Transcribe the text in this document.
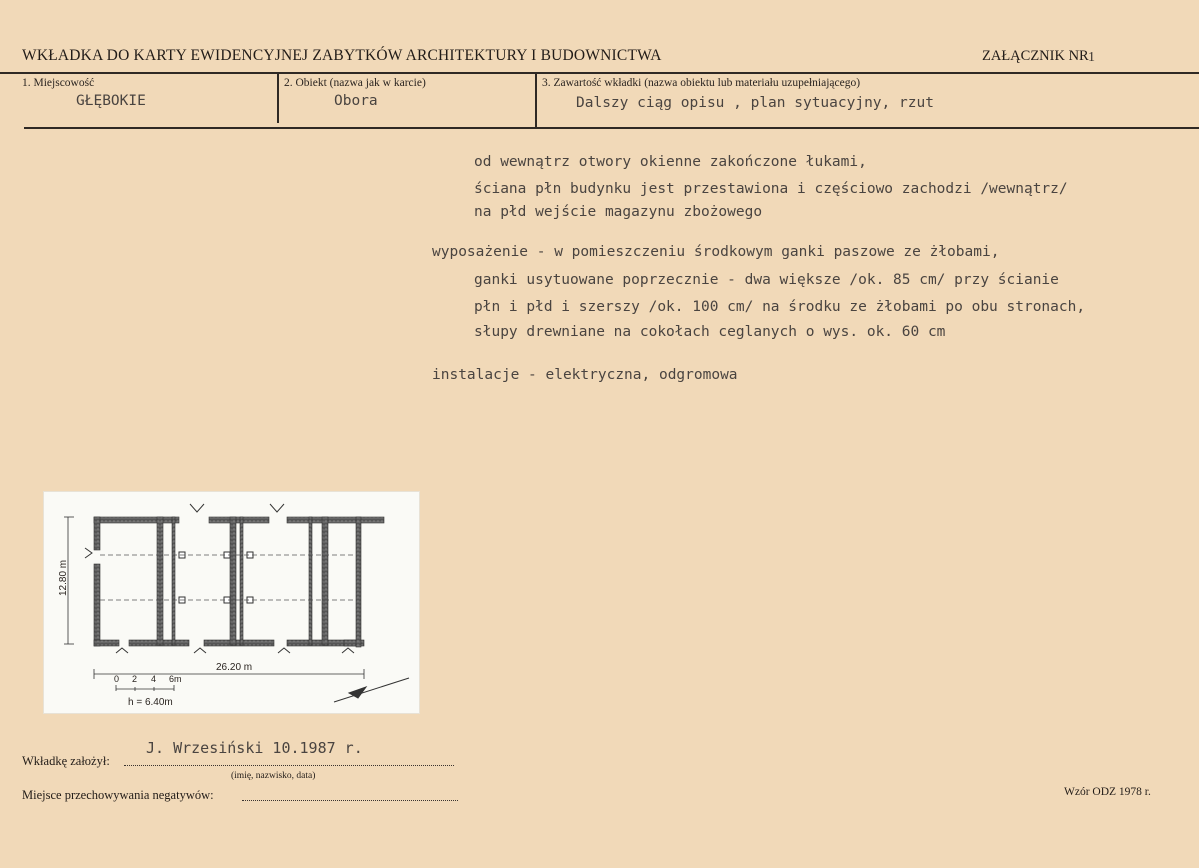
WKŁADKA DO KARTY EWIDENCYJNEJ ZABYTKÓW ARCHITEKTURY I BUDOWNICTWA	ZAŁĄCZNIK NR 1
1. Miejscowość
GŁĘBOKIE
2. Obiekt (nazwa jak w karcie)
Obora
3. Zawartość wkładki (nazwa obiektu lub materiału uzupełniającego)
Dalszy ciąg opisu , plan sytuacyjny, rzut
od wewnątrz otwory okienne zakończone łukami,
ściana płn budynku jest przestawiona i częściowo zachodzi /wewnątrz/
na płd wejście magazynu zbożowego
wyposażenie - w pomieszczeniu środkowym ganki paszowe ze żłobami,
ganki usytuowane poprzecznie - dwa większe /ok. 85 cm/ przy ścianie
płn i płd i szerszy /ok. 100 cm/ na środku ze żłobami po obu stronach,
słupy drewniane na cokołach ceglanych o wys. ok. 60 cm
instalacje - elektryczna, odgromowa
12.80 m
26.20 m
0 2 4 6m
h = 6.40m
Wkładkę założył:
J. Wrzesiński 10.1987 r.
(imię, nazwisko, data)
Miejsce przechowywania negatywów:	Wzór ODZ 1978 r.
